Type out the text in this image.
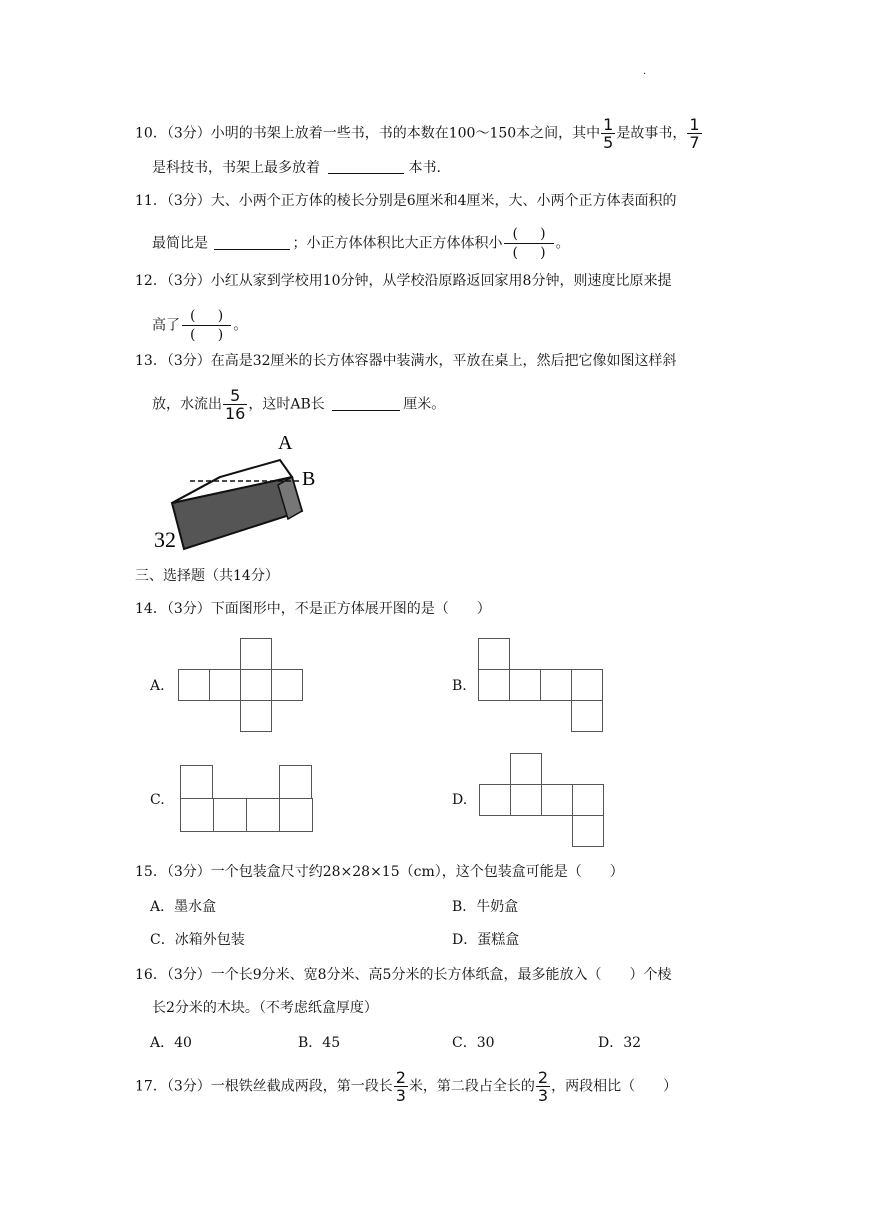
.
10．（3分）小明的书架上放着一些书，书的本数在100～150本之间，其中 $\frac{1}{5}$ 是故事书， $\frac{1}{7}$
是科技书，书架上最多放着	本书.
11．（3分）大、小两个正方体的棱长分别是6厘米和4厘米，大、小两个正方体表面积的
最简比是	；小正方体体积比大正方体体积小
(     )
(     )
。
12．（3分）小红从家到学校用10分钟，从学校沿原路返回家用8分钟，则速度比原来提
高了
(     )
(     )
。
13．（3分）在高是32厘米的长方体容器中装满水，平放在桌上，然后把它像如图这样斜
放，水流出 $\frac{5}{16}$ ，这时AB长	厘米。
A
B
32
三、选择题（共14分）
14．（3分）下面图形中，不是正方体展开图的是（　　）
A.	B.
C.	D.
15．（3分）一个包装盒尺寸约28×28×15（cm），这个包装盒可能是（　　）
A．墨水盒	B．牛奶盒
C．冰箱外包装	D．蛋糕盒
16．（3分）一个长9分米、宽8分米、高5分米的长方体纸盒，最多能放入（　　）个棱
长2分米的木块。（不考虑纸盒厚度）
A．40	B．45	C．30	D．32
17．（3分）一根铁丝截成两段，第一段长 $\frac{2}{3}$ 米，第二段占全长的 $\frac{2}{3}$ ，两段相比（　　）
